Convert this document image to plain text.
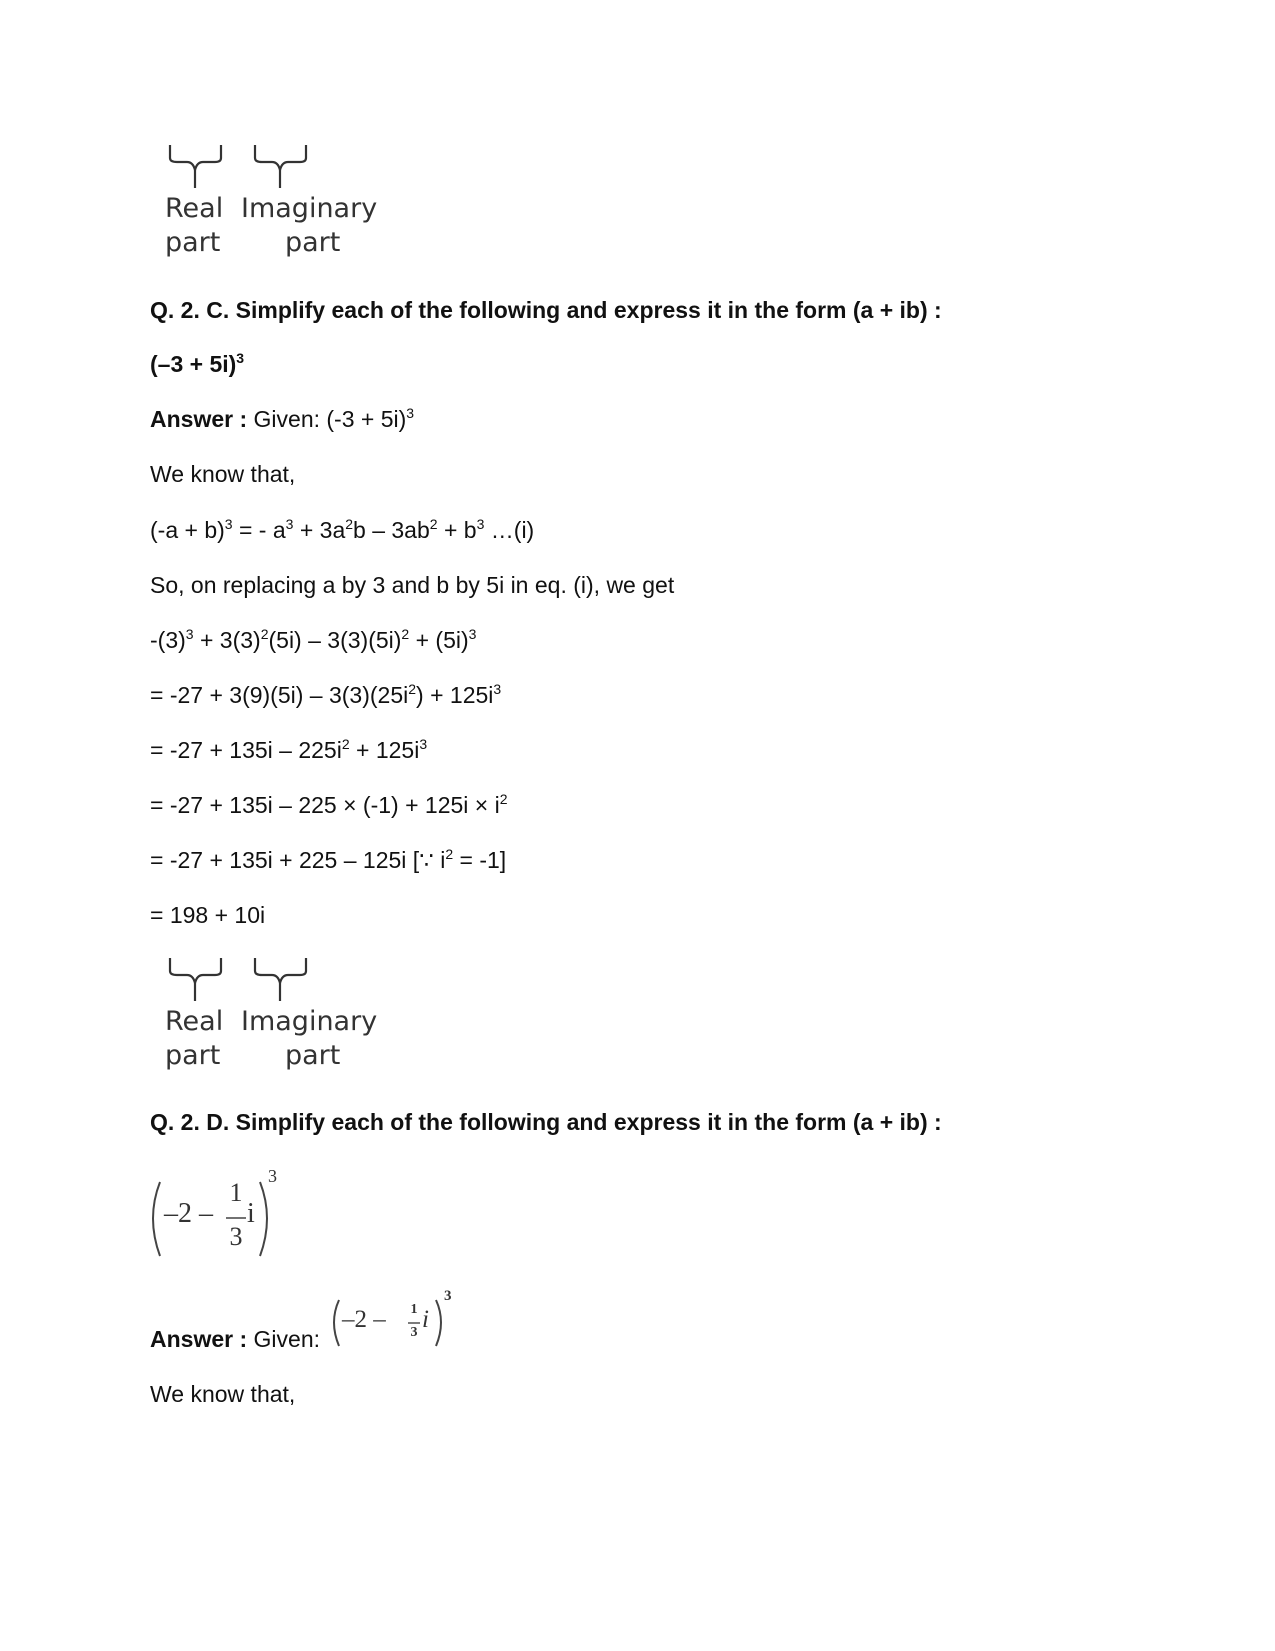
Real Imaginary
part part
Q. 2. C. Simplify each of the following and express it in the form (a + ib) :
$(-3 + 5i)^3$
Answer : Given: $(-3 + 5i)^3$
We know that,
$(-a + b)^3$ = - $a^3 + 3a^2b - 3ab^2 + b^3$ …(i)
So, on replacing a by 3 and b by 5i in eq. (i), we get
$-(3)^3 + 3(3)^2(5i) - 3(3)(5i)^2 + (5i)^3$
= $-27 + 3(9)(5i) - 3(3)(25i^2) + 125i^3$
= $-27 + 135i - 225i^2 + 125i^3$
= $-27 + 135i - 225 \times (-1) + 125i \times i^2$
= -27 + 135i + 225 – 125i [∵ $i^2 = -1$]
= 198 + 10i
Real Imaginary
part part
Q. 2. D. Simplify each of the following and express it in the form (a + ib) :
–2 –
1
3
i
3
Answer : Given:
–2 – 1
3 i
3
We know that,
